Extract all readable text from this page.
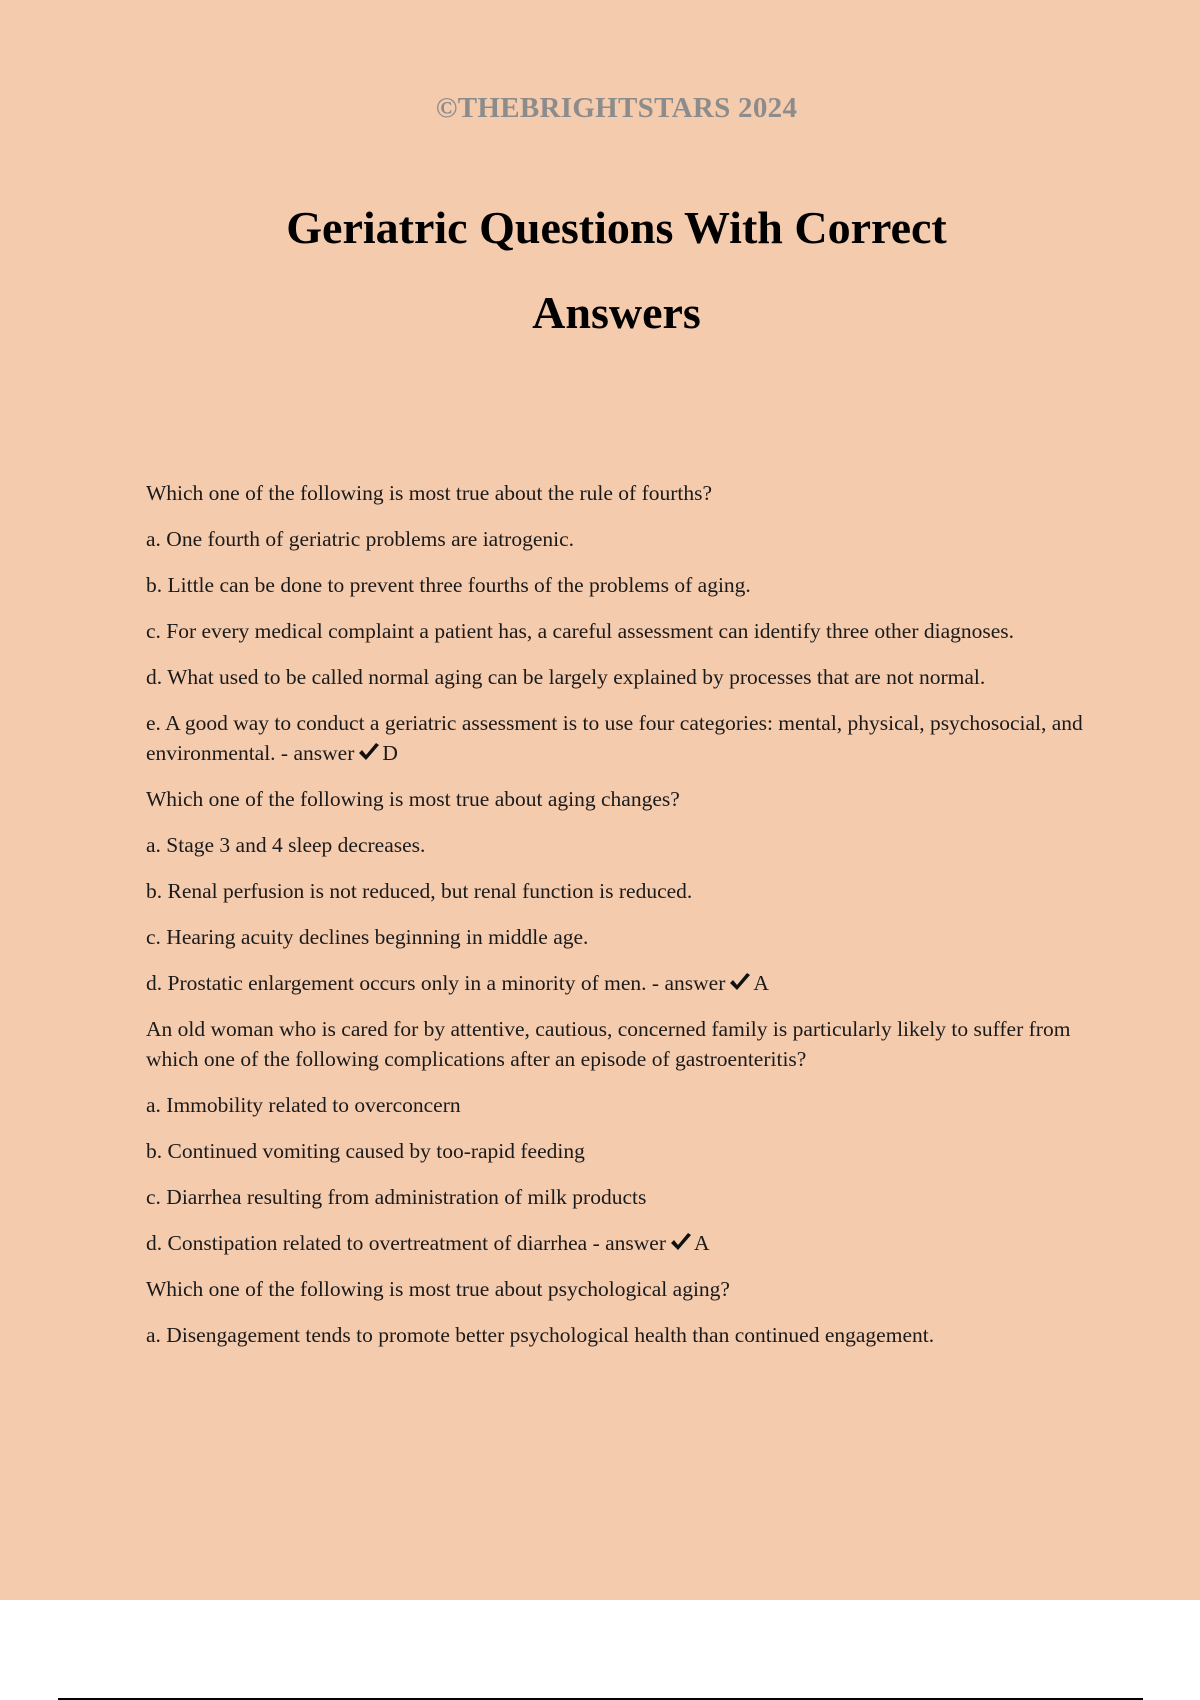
©THEBRIGHTSTARS 2024
Geriatric Questions With Correct
Answers

Which one of the following is most true about the rule of fourths?

a. One fourth of geriatric problems are iatrogenic.

b. Little can be done to prevent three fourths of the problems of aging.

c. For every medical complaint a patient has, a careful assessment can identify three other diagnoses.

d. What used to be called normal aging can be largely explained by processes that are not normal.

e. A good way to conduct a geriatric assessment is to use four categories: mental, physical, psychosocial, and environmental. - answer D

Which one of the following is most true about aging changes?

a. Stage 3 and 4 sleep decreases.

b. Renal perfusion is not reduced, but renal function is reduced.

c. Hearing acuity declines beginning in middle age.

d. Prostatic enlargement occurs only in a minority of men. - answer A

An old woman who is cared for by attentive, cautious, concerned family is particularly likely to suffer from which one of the following complications after an episode of gastroenteritis?

a. Immobility related to overconcern

b. Continued vomiting caused by too-rapid feeding

c. Diarrhea resulting from administration of milk products

d. Constipation related to overtreatment of diarrhea - answer A

Which one of the following is most true about psychological aging?

a. Disengagement tends to promote better psychological health than continued engagement.
